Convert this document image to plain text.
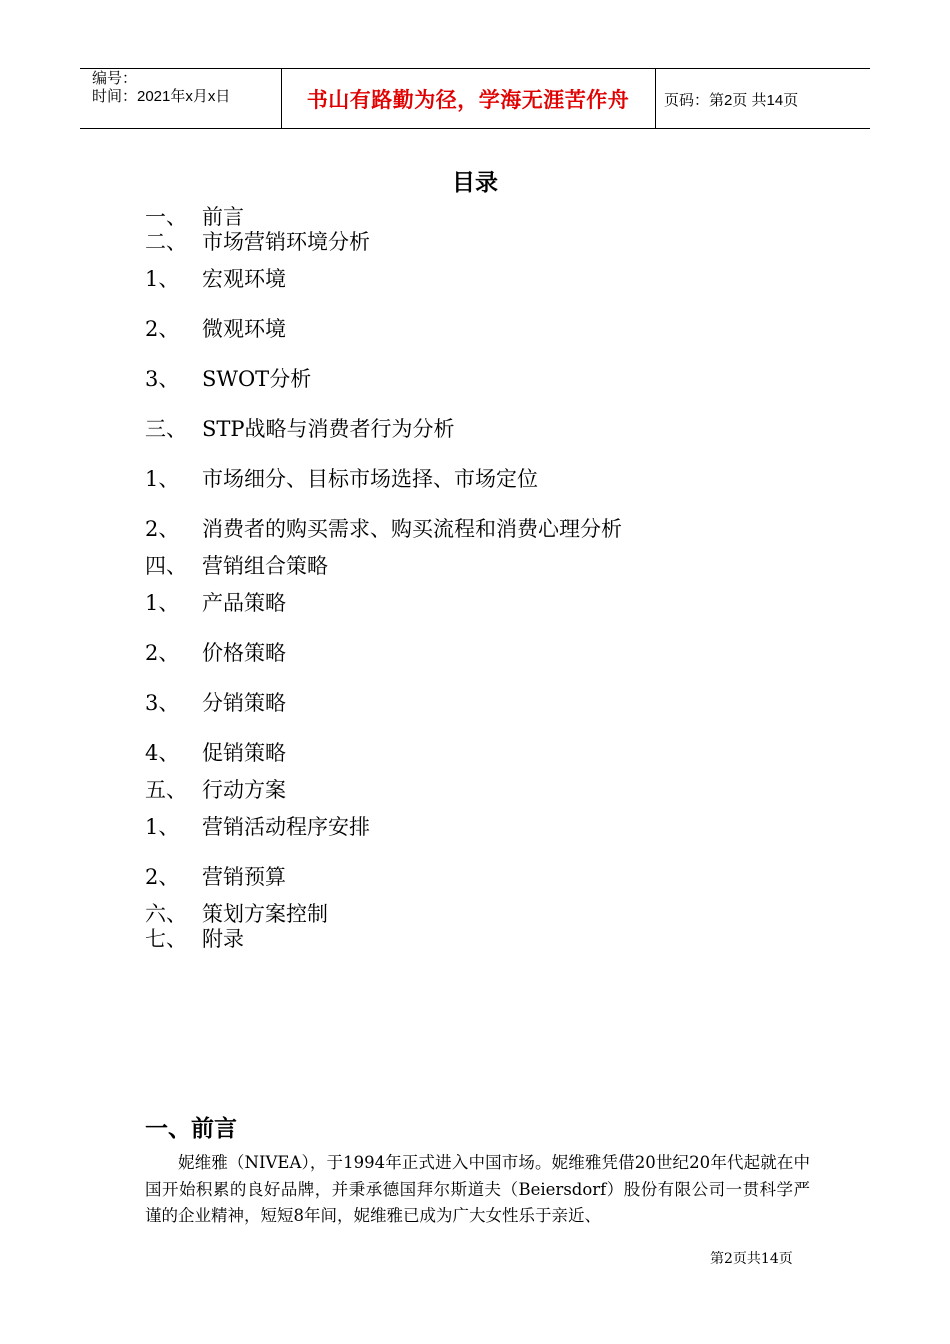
编号：
时间：2021年x月x日	书山有路勤为径，学海无涯苦作舟	页码：第2页 共14页
目录
一、 前言
二、 市场营销环境分析
1、 宏观环境
2、 微观环境
3、 SWOT分析
三、 STP战略与消费者行为分析
1、 市场细分、目标市场选择、市场定位
2、 消费者的购买需求、购买流程和消费心理分析
四、 营销组合策略
1、 产品策略
2、 价格策略
3、 分销策略
4、 促销策略
五、 行动方案
1、 营销活动程序安排
2、 营销预算
六、 策划方案控制
七、 附录
一、前言
妮维雅（NIVEA），于1994年正式进入中国市场。妮维雅凭借20世纪20年代起就在中国开始积累的良好品牌，并秉承德国拜尔斯道夫（Beiersdorf）股份有限公司一贯科学严谨的企业精神，短短8年间，妮维雅已成为广大女性乐于亲近、
第2页共14页
